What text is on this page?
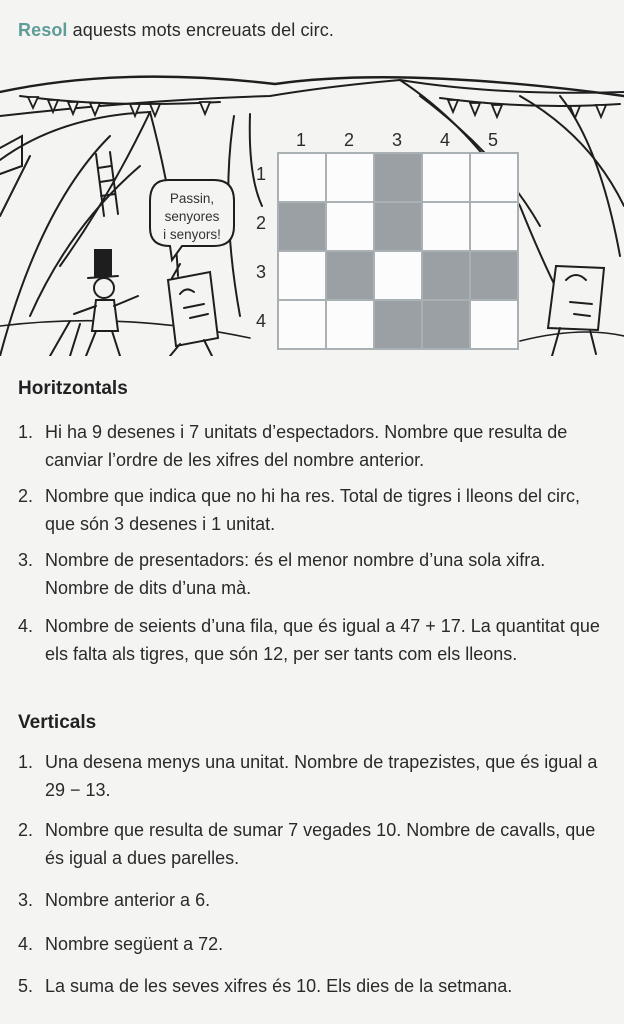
Resol aquests mots encreuats del circ.
Passin,
senyores
i senyors!
1	2	3	4	5
1
2
3
4
Horitzontals
1. Hi ha 9 desenes i 7 unitats d’espectadors. Nombre que resulta de canviar l’ordre de les xifres del nombre anterior.
2. Nombre que indica que no hi ha res. Total de tigres i lleons del circ, que són 3 desenes i 1 unitat.
3. Nombre de presentadors: és el menor nombre d’una sola xifra. Nombre de dits d’una mà.
4. Nombre de seients d’una fila, que és igual a 47 + 17. La quantitat que els falta als tigres, que són 12, per ser tants com els lleons.
Verticals
1. Una desena menys una unitat. Nombre de trapezistes, que és igual a 29 − 13.
2. Nombre que resulta de sumar 7 vegades 10. Nombre de cavalls, que és igual a dues parelles.
3. Nombre anterior a 6.
4. Nombre següent a 72.
5. La suma de les seves xifres és 10. Els dies de la setmana.
